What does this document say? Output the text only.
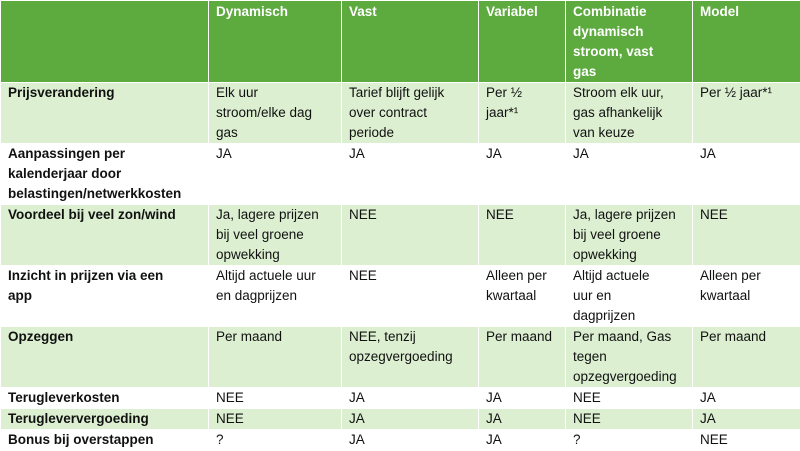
	Dynamisch	Vast	Variabel	Combinatie
dynamisch
stroom, vast
gas	Model

Prijsverandering	Elk uur
stroom/elke dag
gas	Tarief blijft gelijk
over contract
periode	Per ½
jaar*¹	Stroom elk uur,
gas afhankelijk
van keuze	Per ½ jaar*¹

Aanpassingen per
kalenderjaar door
belastingen/netwerkkosten	JA	JA	JA	JA	JA

Voordeel bij veel zon/wind	Ja, lagere prijzen
bij veel groene
opwekking	NEE	NEE	Ja, lagere prijzen
bij veel groene
opwekking	NEE

Inzicht in prijzen via een
app	Altijd actuele uur
en dagprijzen	NEE	Alleen per
kwartaal	Altijd actuele
uur en
dagprijzen	Alleen per
kwartaal

Opzeggen	Per maand	NEE, tenzij
opzegvergoeding	Per maand	Per maand, Gas
tegen
opzegvergoeding	Per maand

Terugleverkosten	NEE	JA	JA	NEE	JA

Terugleververgoeding	NEE	JA	JA	NEE	JA

Bonus bij overstappen	?	JA	JA	?	NEE
